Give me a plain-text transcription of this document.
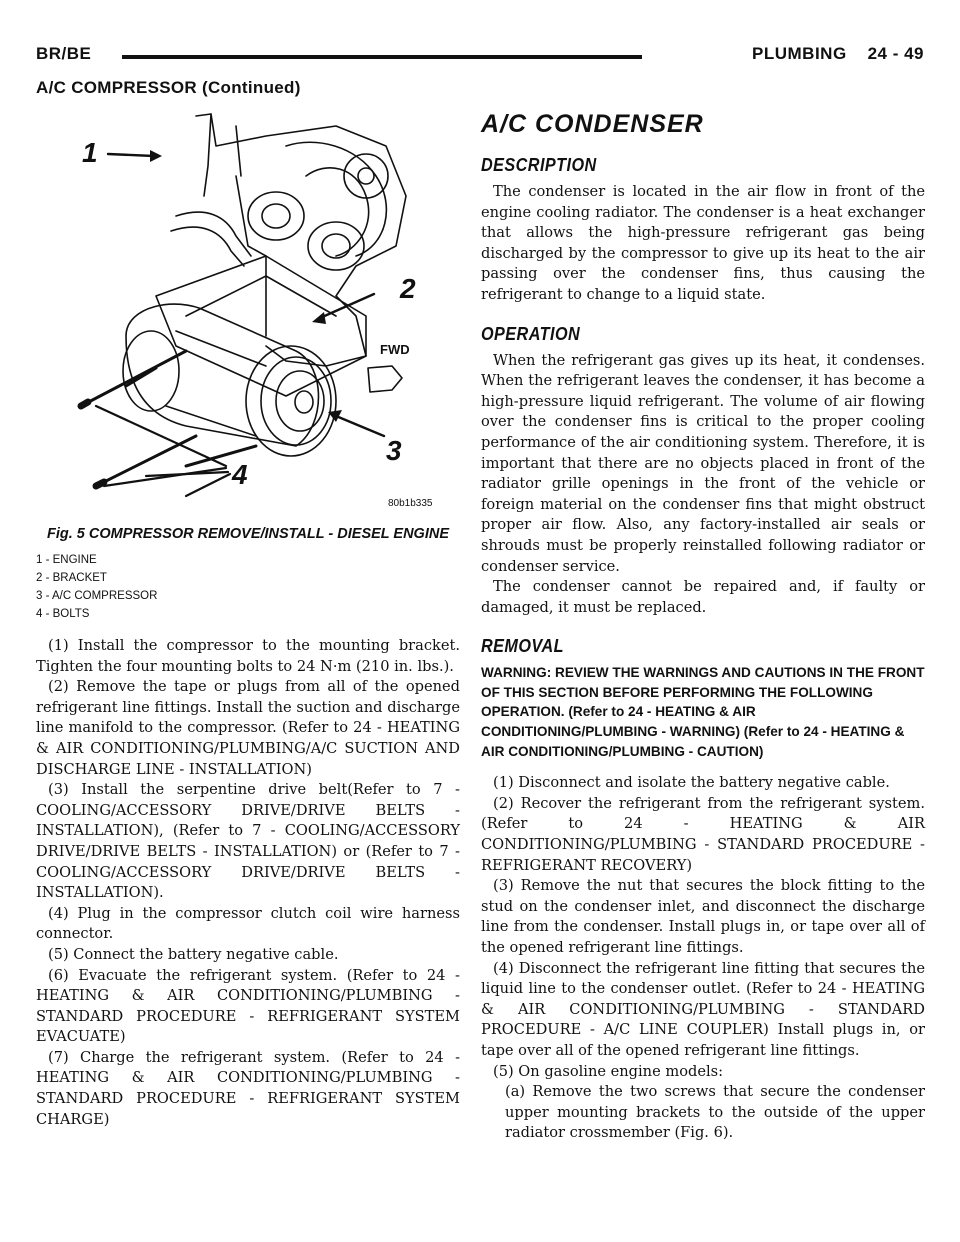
BR/BE	PLUMBING    24 - 49
A/C COMPRESSOR (Continued)
1
2
3
4
FWD
80b1b335
Fig. 5 COMPRESSOR REMOVE/INSTALL - DIESEL ENGINE
1 - ENGINE
2 - BRACKET
3 - A/C COMPRESSOR
4 - BOLTS

(1) Install the compressor to the mounting bracket. Tighten the four mounting bolts to 24 N·m (210 in. lbs.).

(2) Remove the tape or plugs from all of the opened refrigerant line fittings. Install the suction and discharge line manifold to the compressor. (Refer to 24 - HEATING & AIR CONDITIONING/PLUMBING/A/C SUCTION AND DISCHARGE LINE - INSTALLATION)

(3) Install the serpentine drive belt(Refer to 7 - COOLING/ACCESSORY DRIVE/DRIVE BELTS - INSTALLATION), (Refer to 7 - COOLING/ACCESSORY DRIVE/DRIVE BELTS - INSTALLATION) or (Refer to 7 - COOLING/ACCESSORY DRIVE/DRIVE BELTS - INSTALLATION).

(4) Plug in the compressor clutch coil wire harness connector.

(5) Connect the battery negative cable.

(6) Evacuate the refrigerant system. (Refer to 24 - HEATING & AIR CONDITIONING/PLUMBING - STANDARD PROCEDURE - REFRIGERANT SYSTEM EVACUATE)

(7) Charge the refrigerant system. (Refer to 24 - HEATING & AIR CONDITIONING/PLUMBING - STANDARD PROCEDURE - REFRIGERANT SYSTEM CHARGE)

A/C CONDENSER
DESCRIPTION

The condenser is located in the air flow in front of the engine cooling radiator. The condenser is a heat exchanger that allows the high-pressure refrigerant gas being discharged by the compressor to give up its heat to the air passing over the condenser fins, thus causing the refrigerant to change to a liquid state.

OPERATION

When the refrigerant gas gives up its heat, it condenses. When the refrigerant leaves the condenser, it has become a high-pressure liquid refrigerant. The volume of air flowing over the condenser fins is critical to the proper cooling performance of the air conditioning system. Therefore, it is important that there are no objects placed in front of the radiator grille openings in the front of the vehicle or foreign material on the condenser fins that might obstruct proper air flow. Also, any factory-installed air seals or shrouds must be properly reinstalled following radiator or condenser service.

The condenser cannot be repaired and, if faulty or damaged, it must be replaced.

REMOVAL
WARNING: REVIEW THE WARNINGS AND CAUTIONS IN THE FRONT OF THIS SECTION BEFORE PERFORMING THE FOLLOWING OPERATION. (Refer to 24 - HEATING & AIR CONDITIONING/PLUMBING - WARNING) (Refer to 24 - HEATING & AIR CONDITIONING/PLUMBING - CAUTION)

(1) Disconnect and isolate the battery negative cable.

(2) Recover the refrigerant from the refrigerant system. (Refer to 24 - HEATING & AIR CONDITIONING/PLUMBING - STANDARD PROCEDURE - REFRIGERANT RECOVERY)

(3) Remove the nut that secures the block fitting to the stud on the condenser inlet, and disconnect the discharge line from the condenser. Install plugs in, or tape over all of the opened refrigerant line fittings.

(4) Disconnect the refrigerant line fitting that secures the liquid line to the condenser outlet. (Refer to 24 - HEATING & AIR CONDITIONING/PLUMBING - STANDARD PROCEDURE - A/C LINE COUPLER) Install plugs in, or tape over all of the opened refrigerant line fittings.

(5) On gasoline engine models:

(a) Remove the two screws that secure the condenser upper mounting brackets to the outside of the upper radiator crossmember (Fig. 6).
